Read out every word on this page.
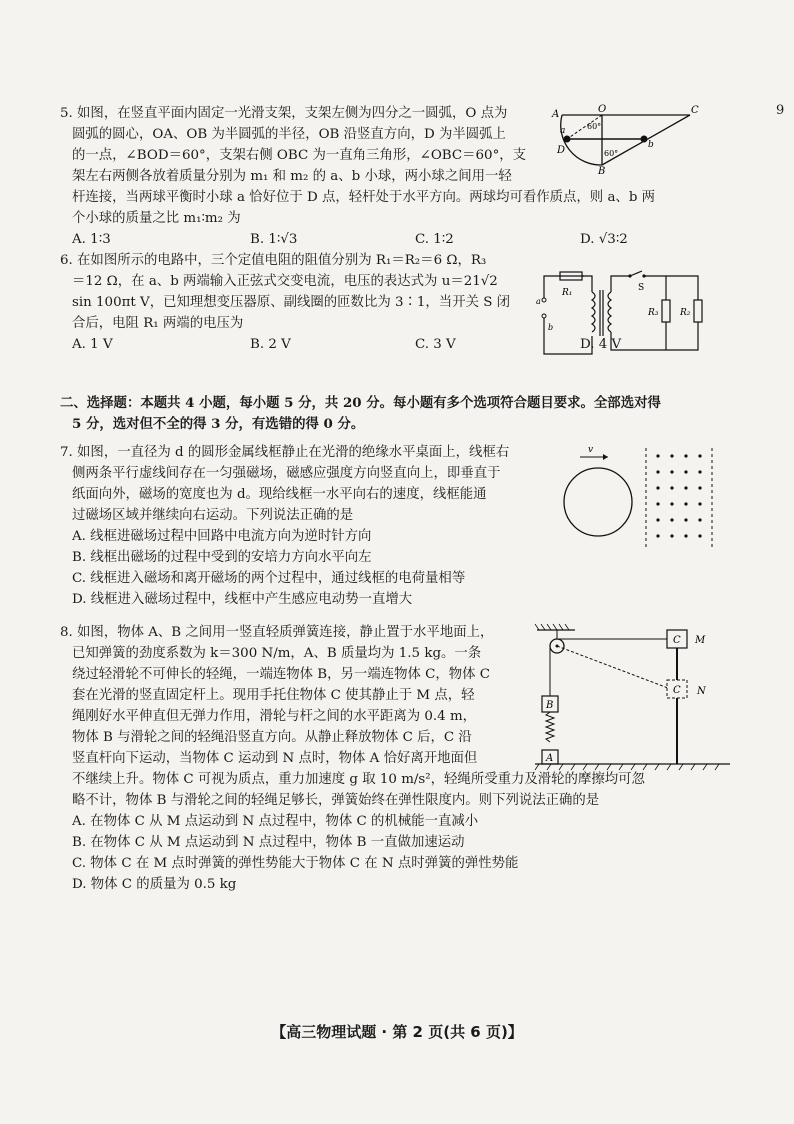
9

5. 如图，在竖直平面内固定一光滑支架，支架左侧为四分之一圆弧，O 点为

圆弧的圆心，OA、OB 为半圆弧的半径，OB 沿竖直方向，D 为半圆弧上

的一点，∠BOD＝60°，支架右侧 OBC 为一直角三角形，∠OBC＝60°，支

架左右两侧各放着质量分别为 m₁ 和 m₂ 的 a、b 小球，两小球之间用一轻

杆连接，当两球平衡时小球 a 恰好位于 D 点，轻杆处于水平方向。两球均可看作质点，则 a、b 两

个小球的质量之比 m₁∶m₂ 为

A. 1∶3	B. 1∶√3	C. 1∶2	D. √3∶2
A	O	C
D
a
b
B
60°
60°

6. 在如图所示的电路中，三个定值电阻的阻值分别为 R₁＝R₂＝6 Ω，R₃

＝12 Ω，在 a、b 两端输入正弦式交变电流，电压的表达式为 u＝21√2

sin 100πt V，已知理想变压器原、副线圈的匝数比为 3∶1，当开关 S 闭

合后，电阻 R₁ 两端的电压为

A. 1 V	B. 2 V	C. 3 V	D. 4 V
R₁	S
R₃ R₂
a
b

二、选择题：本题共 4 小题，每小题 5 分，共 20 分。每小题有多个选项符合题目要求。全部选对得

5 分，选对但不全的得 3 分，有选错的得 0 分。

7. 如图，一直径为 d 的圆形金属线框静止在光滑的绝缘水平桌面上，线框右

侧两条平行虚线间存在一匀强磁场，磁感应强度方向竖直向上，即垂直于

纸面向外，磁场的宽度也为 d。现给线框一水平向右的速度，线框能通

过磁场区域并继续向右运动。下列说法正确的是

A. 线框进磁场过程中回路中电流方向为逆时针方向

B. 线框出磁场的过程中受到的安培力方向水平向左

C. 线框进入磁场和离开磁场的两个过程中，通过线框的电荷量相等

D. 线框进入磁场过程中，线框中产生感应电动势一直增大

v

8. 如图，物体 A、B 之间用一竖直轻质弹簧连接，静止置于水平地面上，

已知弹簧的劲度系数为 k＝300 N/m，A、B 质量均为 1.5 kg。一条

绕过轻滑轮不可伸长的轻绳，一端连物体 B，另一端连物体 C，物体 C

套在光滑的竖直固定杆上。现用手托住物体 C 使其静止于 M 点，轻

绳刚好水平伸直但无弹力作用，滑轮与杆之间的水平距离为 0.4 m，

物体 B 与滑轮之间的轻绳沿竖直方向。从静止释放物体 C 后，C 沿

竖直杆向下运动，当物体 C 运动到 N 点时，物体 A 恰好离开地面但

不继续上升。物体 C 可视为质点，重力加速度 g 取 10 m/s²，轻绳所受重力及滑轮的摩擦均可忽

略不计，物体 B 与滑轮之间的轻绳足够长，弹簧始终在弹性限度内。则下列说法正确的是

A. 在物体 C 从 M 点运动到 N 点过程中，物体 C 的机械能一直减小

B. 在物体 C 从 M 点运动到 N 点过程中，物体 B 一直做加速运动

C. 物体 C 在 M 点时弹簧的弹性势能大于物体 C 在 N 点时弹簧的弹性势能

D. 物体 C 的质量为 0.5 kg

C M
C N
B
A
【高三物理试题 · 第 2 页(共 6 页)】
